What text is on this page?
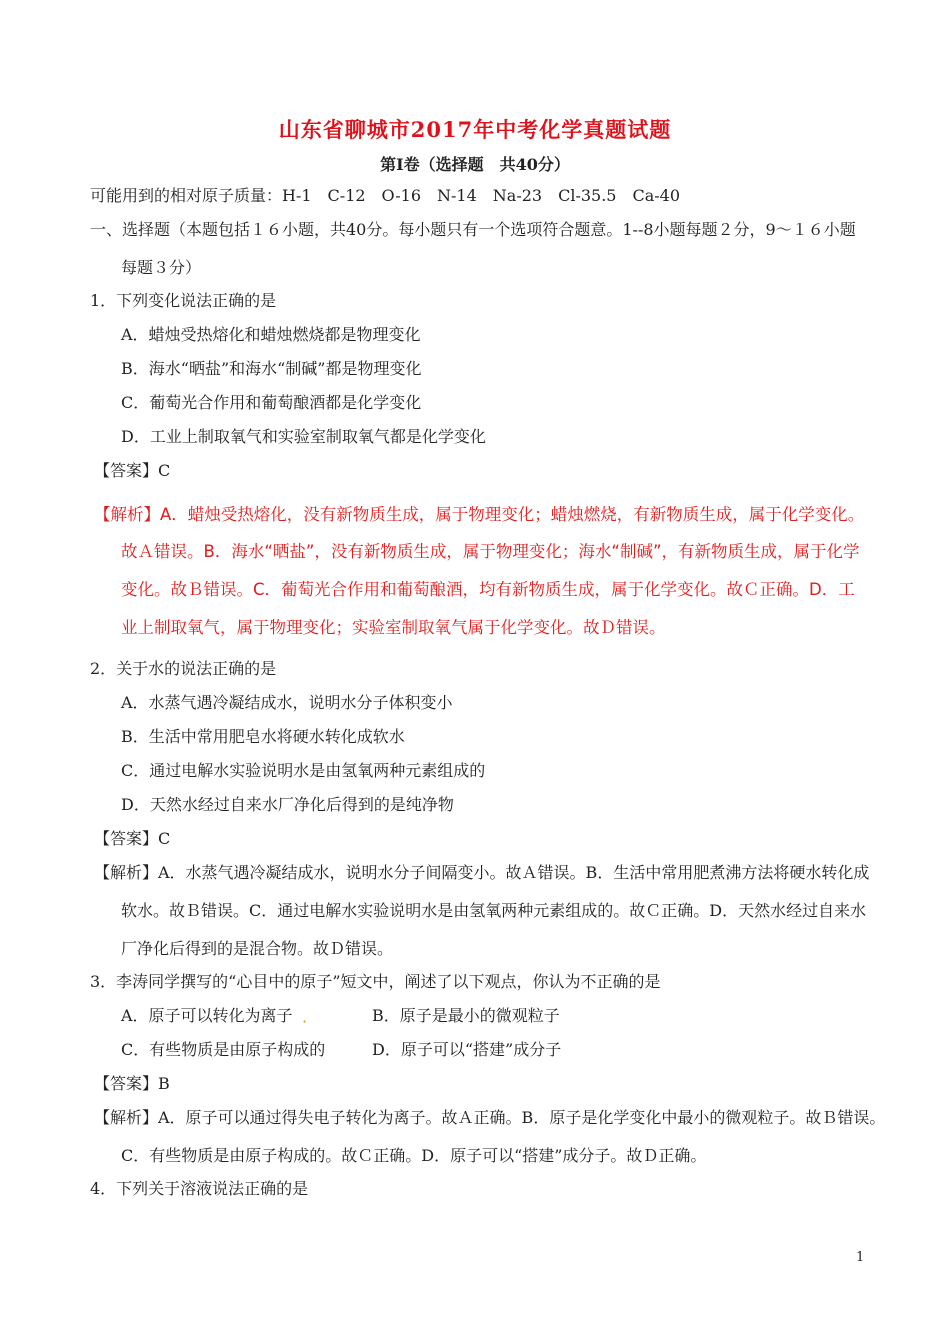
山东省聊城市2017年中考化学真题试题
第Ⅰ卷（选择题　共40分）
可能用到的相对原子质量：H-1　C-12　O-16　N-14　Na-23　Cl-35.5　Ca-40
一、选择题（本题包括１６小题，共40分。每小题只有一个选项符合题意。1--8小题每题２分，9～１６小题
每题３分）
1．下列变化说法正确的是
A．蜡烛受热熔化和蜡烛燃烧都是物理变化
B．海水“晒盐”和海水“制碱”都是物理变化
C．葡萄光合作用和葡萄酿酒都是化学变化
D．工业上制取氧气和实验室制取氧气都是化学变化
【答案】C
【解析】A．蜡烛受热熔化，没有新物质生成，属于物理变化；蜡烛燃烧，有新物质生成，属于化学变化。
故Ａ错误。B．海水“晒盐”，没有新物质生成，属于物理变化；海水“制碱”，有新物质生成，属于化学
变化。故Ｂ错误。C．葡萄光合作用和葡萄酿酒，均有新物质生成，属于化学变化。故Ｃ正确。D．工
业上制取氧气，属于物理变化；实验室制取氧气属于化学变化。故Ｄ错误。
2．关于水的说法正确的是
A．水蒸气遇冷凝结成水，说明水分子体积变小
B．生活中常用肥皂水将硬水转化成软水
C．通过电解水实验说明水是由氢氧两种元素组成的
D．天然水经过自来水厂净化后得到的是纯净物
【答案】C
【解析】A．水蒸气遇冷凝结成水，说明水分子间隔变小。故Ａ错误。B．生活中常用肥煮沸方法将硬水转化成
软水。故Ｂ错误。C．通过电解水实验说明水是由氢氧两种元素组成的。故Ｃ正确。D．天然水经过自来水
厂净化后得到的是混合物。故Ｄ错误。
3．李涛同学撰写的“心目中的原子”短文中，阐述了以下观点，你认为不正确的是
A．原子可以转化为离子 ·	B．原子是最小的微观粒子
C．有些物质是由原子构成的	D．原子可以“搭建”成分子
【答案】B
【解析】A．原子可以通过得失电子转化为离子。故Ａ正确。B．原子是化学变化中最小的微观粒子。故Ｂ错误。
C．有些物质是由原子构成的。故Ｃ正确。D．原子可以“搭建”成分子。故Ｄ正确。
4．下列关于溶液说法正确的是
1
